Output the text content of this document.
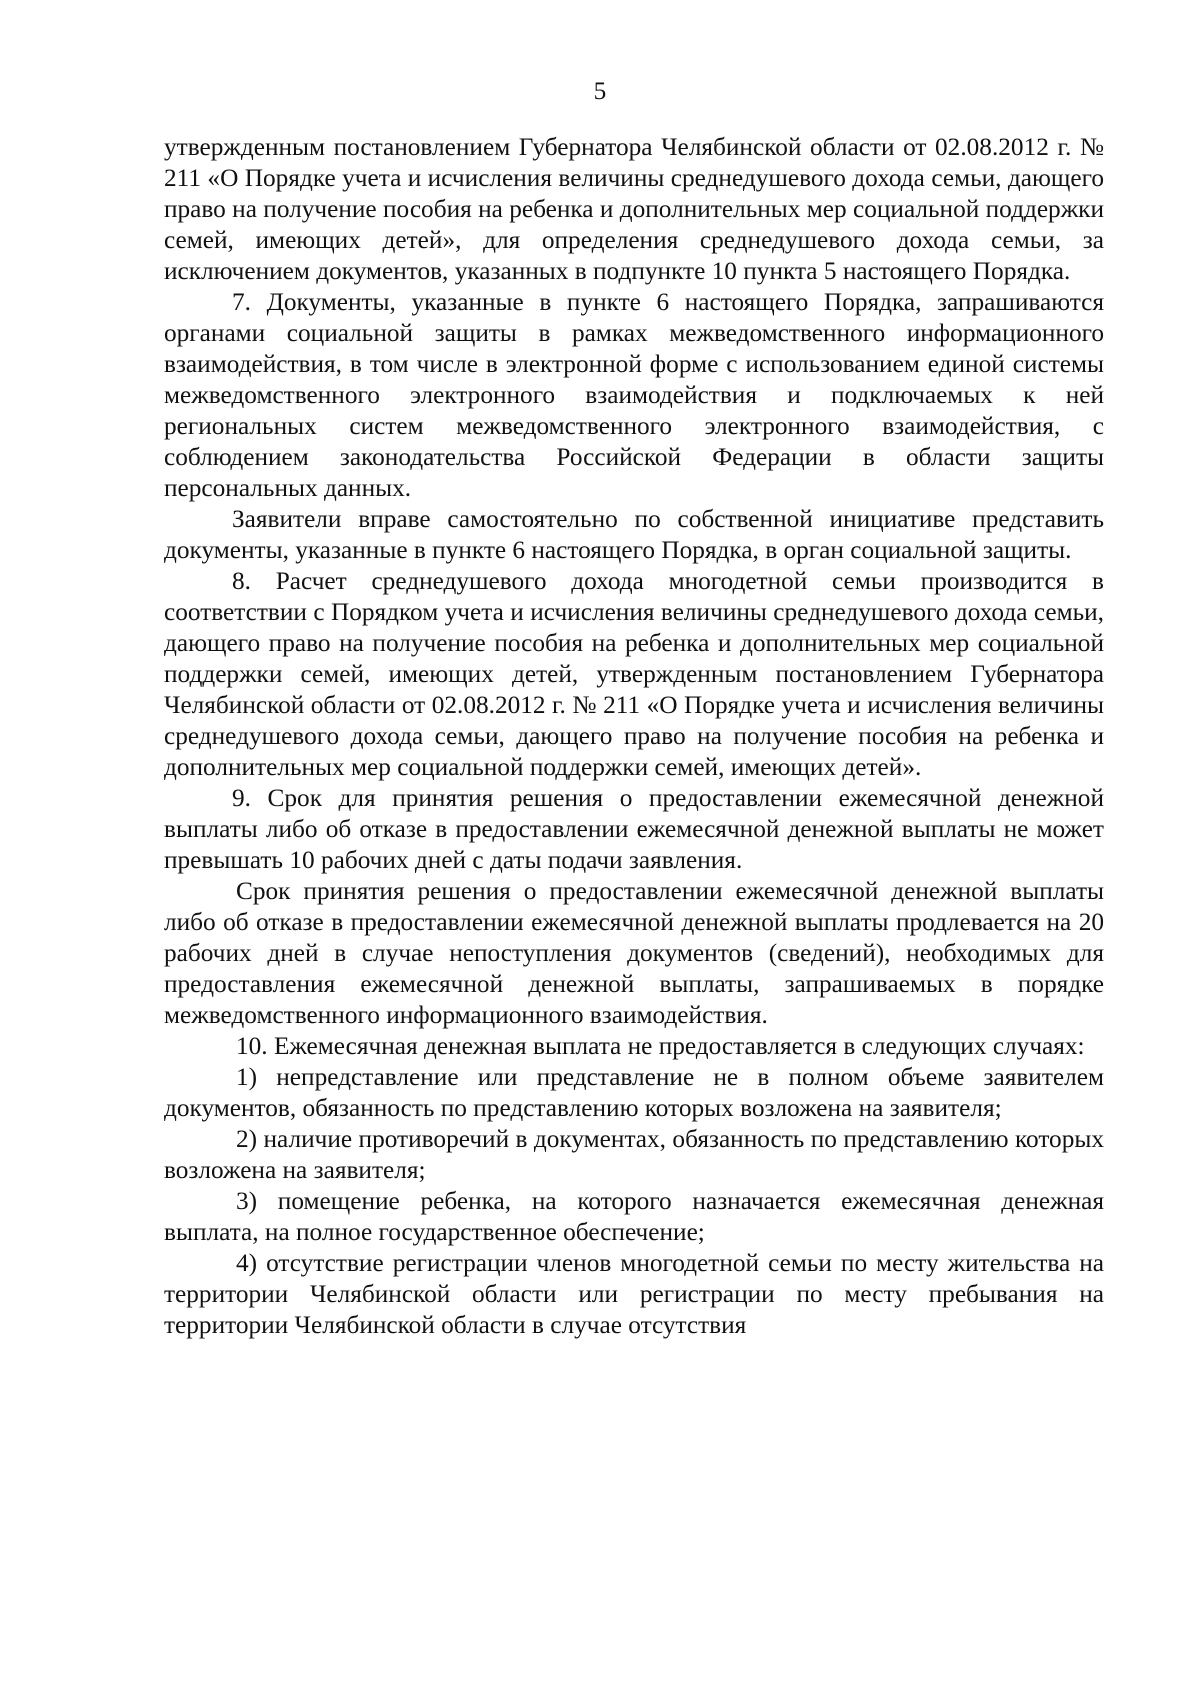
5

утвержденным постановлением Губернатора Челябинской области от 02.08.2012 г. № 211 «О Порядке учета и исчисления величины среднедушевого дохода семьи, дающего право на получение пособия на ребенка и дополнительных мер социальной поддержки семей, имеющих детей», для определения среднедушевого дохода семьи, за исключением документов, указанных в подпункте 10 пункта 5 настоящего Порядка.

7. Документы, указанные в пункте 6 настоящего Порядка, запрашиваются органами социальной защиты в рамках межведомственного информационного взаимодействия, в том числе в электронной форме с использованием единой системы межведомственного электронного взаимодействия и подключаемых к ней региональных систем межведомственного электронного взаимодействия, с соблюдением законодательства Российской Федерации в области защиты персональных данных.

Заявители вправе самостоятельно по собственной инициативе представить документы, указанные в пункте 6 настоящего Порядка, в орган социальной защиты.

8. Расчет среднедушевого дохода многодетной семьи производится в соответствии с Порядком учета и исчисления величины среднедушевого дохода семьи, дающего право на получение пособия на ребенка и дополнительных мер социальной поддержки семей, имеющих детей, утвержденным постановлением Губернатора Челябинской области от 02.08.2012 г. № 211 «О Порядке учета и исчисления величины среднедушевого дохода семьи, дающего право на получение пособия на ребенка и дополнительных мер социальной поддержки семей, имеющих детей».

9. Срок для принятия решения о предоставлении ежемесячной денежной выплаты либо об отказе в предоставлении ежемесячной денежной выплаты не может превышать 10 рабочих дней с даты подачи заявления.

Срок принятия решения о предоставлении ежемесячной денежной выплаты либо об отказе в предоставлении ежемесячной денежной выплаты продлевается на 20 рабочих дней в случае непоступления документов (сведений), необходимых для предоставления ежемесячной денежной выплаты, запрашиваемых в порядке межведомственного информационного взаимодействия.

10. Ежемесячная денежная выплата не предоставляется в следующих случаях:

1) непредставление или представление не в полном объеме заявителем документов, обязанность по представлению которых возложена на заявителя;

2) наличие противоречий в документах, обязанность по представлению которых возложена на заявителя;

3) помещение ребенка, на которого назначается ежемесячная денежная выплата, на полное государственное обеспечение;

4) отсутствие регистрации членов многодетной семьи по месту жительства на территории Челябинской области или регистрации по месту пребывания на территории Челябинской области в случае отсутствия
